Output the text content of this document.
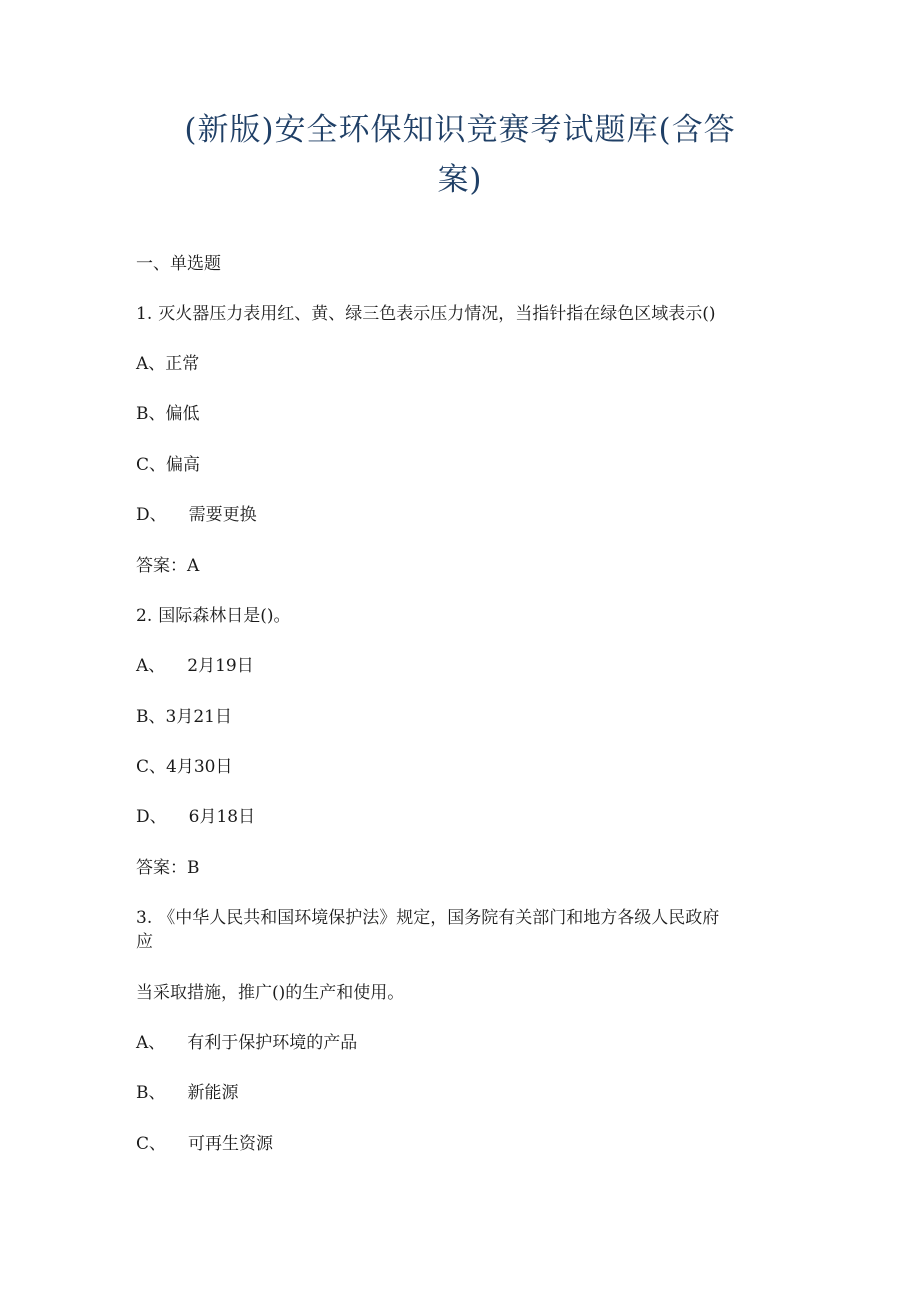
(新版)安全环保知识竞赛考试题库(含答
案)
一、单选题
1. 灭火器压力表用红、黄、绿三色表示压力情况，当指针指在绿色区域表示()
A、正常
B、偏低
C、偏高
D、 需要更换
答案：A
2. 国际森林日是()。
A、 2月19日
B、3月21日
C、4月30日
D、 6月18日
答案：B
3. 《中华人民共和国环境保护法》规定，国务院有关部门和地方各级人民政府
应
当采取措施，推广()的生产和使用。
A、 有利于保护环境的产品
B、 新能源
C、 可再生资源
